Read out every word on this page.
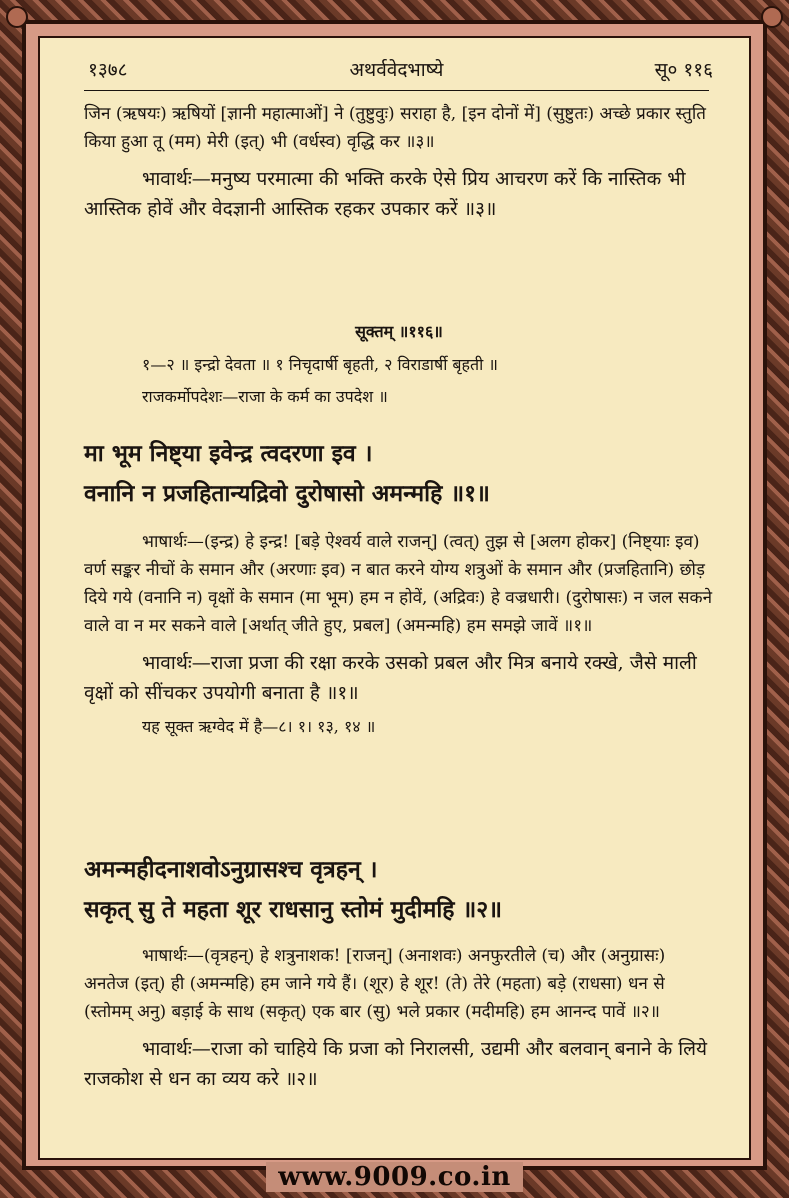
१३७८	अथर्ववेदभाष्ये	सू० ११६

जिन (ऋषयः) ऋषियों [ज्ञानी महात्माओं] ने (तुष्टुवुः) सराहा है, [इन दोनों में] (सुष्टुतः) अच्छे प्रकार स्तुति किया हुआ तू (मम) मेरी (इत्) भी (वर्धस्व) वृद्धि कर ॥३॥

भावार्थः—मनुष्य परमात्मा की भक्ति करके ऐसे प्रिय आचरण करें कि नास्तिक भी आस्तिक होवें और वेदज्ञानी आस्तिक रहकर उपकार करें ॥३॥

सूक्तम् ॥११६॥

१—२ ॥ इन्द्रो देवता ॥ १ निचृदार्षी बृहती, २ विराडार्षी बृहती ॥

राजकर्मोपदेशः—राजा के कर्म का उपदेश ॥

मा भूम निष्ट्या इवेन्द्र त्वदरणा इव ।

वनानि न प्रजहितान्यद्रिवो दुरोषासो अमन्महि ॥१॥

भाषार्थः—(इन्द्र) हे इन्द्र! [बड़े ऐश्वर्य वाले राजन्] (त्वत्) तुझ से [अलग होकर] (निष्ट्याः इव) वर्ण सङ्कर नीचों के समान और (अरणाः इव) न बात करने योग्य शत्रुओं के समान और (प्रजहितानि) छोड़ दिये गये (वनानि न) वृक्षों के समान (मा भूम) हम न होवें, (अद्रिवः) हे वज्रधारी। (दुरोषासः) न जल सकने वाले वा न मर सकने वाले [अर्थात् जीते हुए, प्रबल] (अमन्महि) हम समझे जावें ॥१॥

भावार्थः—राजा प्रजा की रक्षा करके उसको प्रबल और मित्र बनाये रक्खे, जैसे माली वृक्षों को सींचकर उपयोगी बनाता है ॥१॥

यह सूक्त ऋग्वेद में है—८। १। १३, १४ ॥

अमन्महीदनाशवोऽनुग्रासश्च वृत्रहन् ।

सकृत् सु ते महता शूर राधसानु स्तोमं मुदीमहि ॥२॥

भाषार्थः—(वृत्रहन्) हे शत्रुनाशक! [राजन्] (अनाशवः) अनफुरतीले (च) और (अनुग्रासः) अनतेज (इत्) ही (अमन्महि) हम जाने गये हैं। (शूर) हे शूर! (ते) तेरे (महता) बड़े (राधसा) धन से (स्तोमम् अनु) बड़ाई के साथ (सकृत्) एक बार (सु) भले प्रकार (मदीमहि) हम आनन्द पावें ॥२॥

भावार्थः—राजा को चाहिये कि प्रजा को निरालसी, उद्यमी और बलवान् बनाने के लिये राजकोश से धन का व्यय करे ॥२॥

www.9009.co.in
